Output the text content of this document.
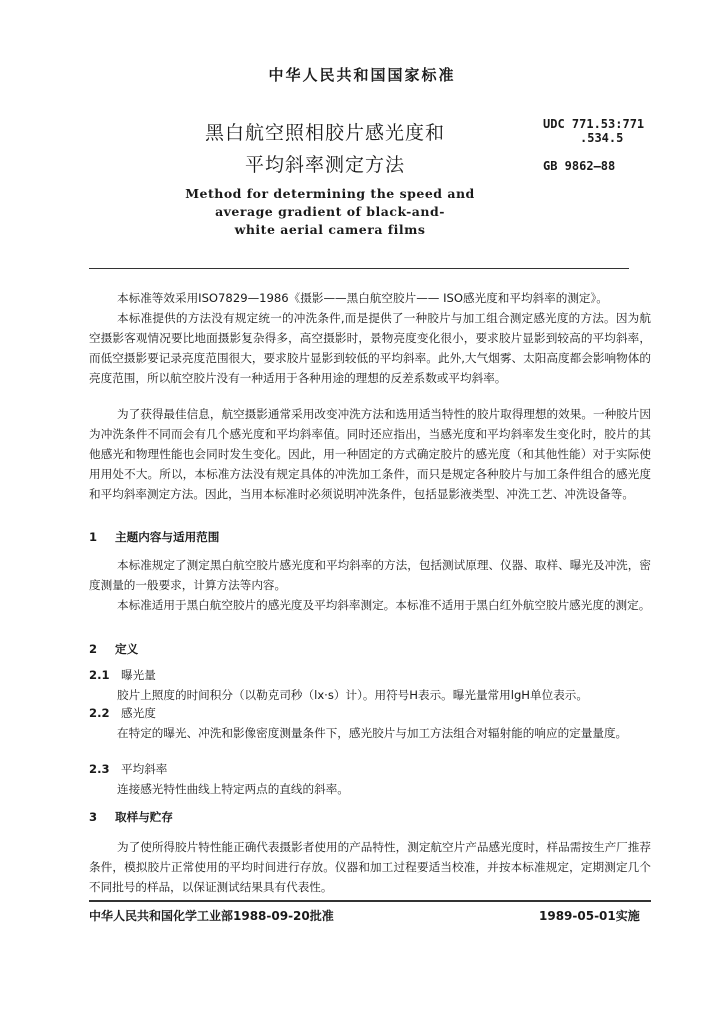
中华人民共和国国家标准
黑白航空照相胶片感光度和
平均斜率测定方法
UDC 771.53:771
.534.5
GB 9862—88
Method for determining the speed and
average gradient of black-and-
white aerial camera films
本标准等效采用ISO7829—1986《摄影——黑白航空胶片—— ISO感光度和平均斜率的测定》。
本标准提供的方法没有规定统一的冲洗条件,而是提供了一种胶片与加工组合测定感光度的方法。因为航空摄影客观情况要比地面摄影复杂得多，高空摄影时，景物亮度变化很小，要求胶片显影到较高的平均斜率，而低空摄影要记录亮度范围很大，要求胶片显影到较低的平均斜率。此外,大气烟雾、太阳高度都会影响物体的亮度范围，所以航空胶片没有一种适用于各种用途的理想的反差系数或平均斜率。
为了获得最佳信息，航空摄影通常采用改变冲洗方法和选用适当特性的胶片取得理想的效果。一种胶片因为冲洗条件不同而会有几个感光度和平均斜率值。同时还应指出，当感光度和平均斜率发生变化时，胶片的其他感光和物理性能也会同时发生变化。因此，用一种固定的方式确定胶片的感光度（和其他性能）对于实际使用用处不大。所以，本标准方法没有规定具体的冲洗加工条件，而只是规定各种胶片与加工条件组合的感光度和平均斜率测定方法。因此，当用本标准时必须说明冲洗条件，包括显影液类型、冲洗工艺、冲洗设备等。
1 主题内容与适用范围
本标准规定了测定黑白航空胶片感光度和平均斜率的方法，包括测试原理、仪器、取样、曝光及冲洗，密度测量的一般要求，计算方法等内容。
本标准适用于黑白航空胶片的感光度及平均斜率测定。本标准不适用于黑白红外航空胶片感光度的测定。
2 定义
2.1 曝光量
胶片上照度的时间积分（以勒克司秒（lx·s）计）。用符号H表示。曝光量常用lgH单位表示。
2.2 感光度
在特定的曝光、冲洗和影像密度测量条件下，感光胶片与加工方法组合对辐射能的响应的定量量度。
2.3 平均斜率
连接感光特性曲线上特定两点的直线的斜率。
3 取样与贮存
为了使所得胶片特性能正确代表摄影者使用的产品特性，测定航空片产品感光度时，样品需按生产厂推荐条件，模拟胶片正常使用的平均时间进行存放。仪器和加工过程要适当校准，并按本标准规定，定期测定几个不同批号的样品，以保证测试结果具有代表性。
中华人民共和国化学工业部1988-09-20批准	1989-05-01实施
